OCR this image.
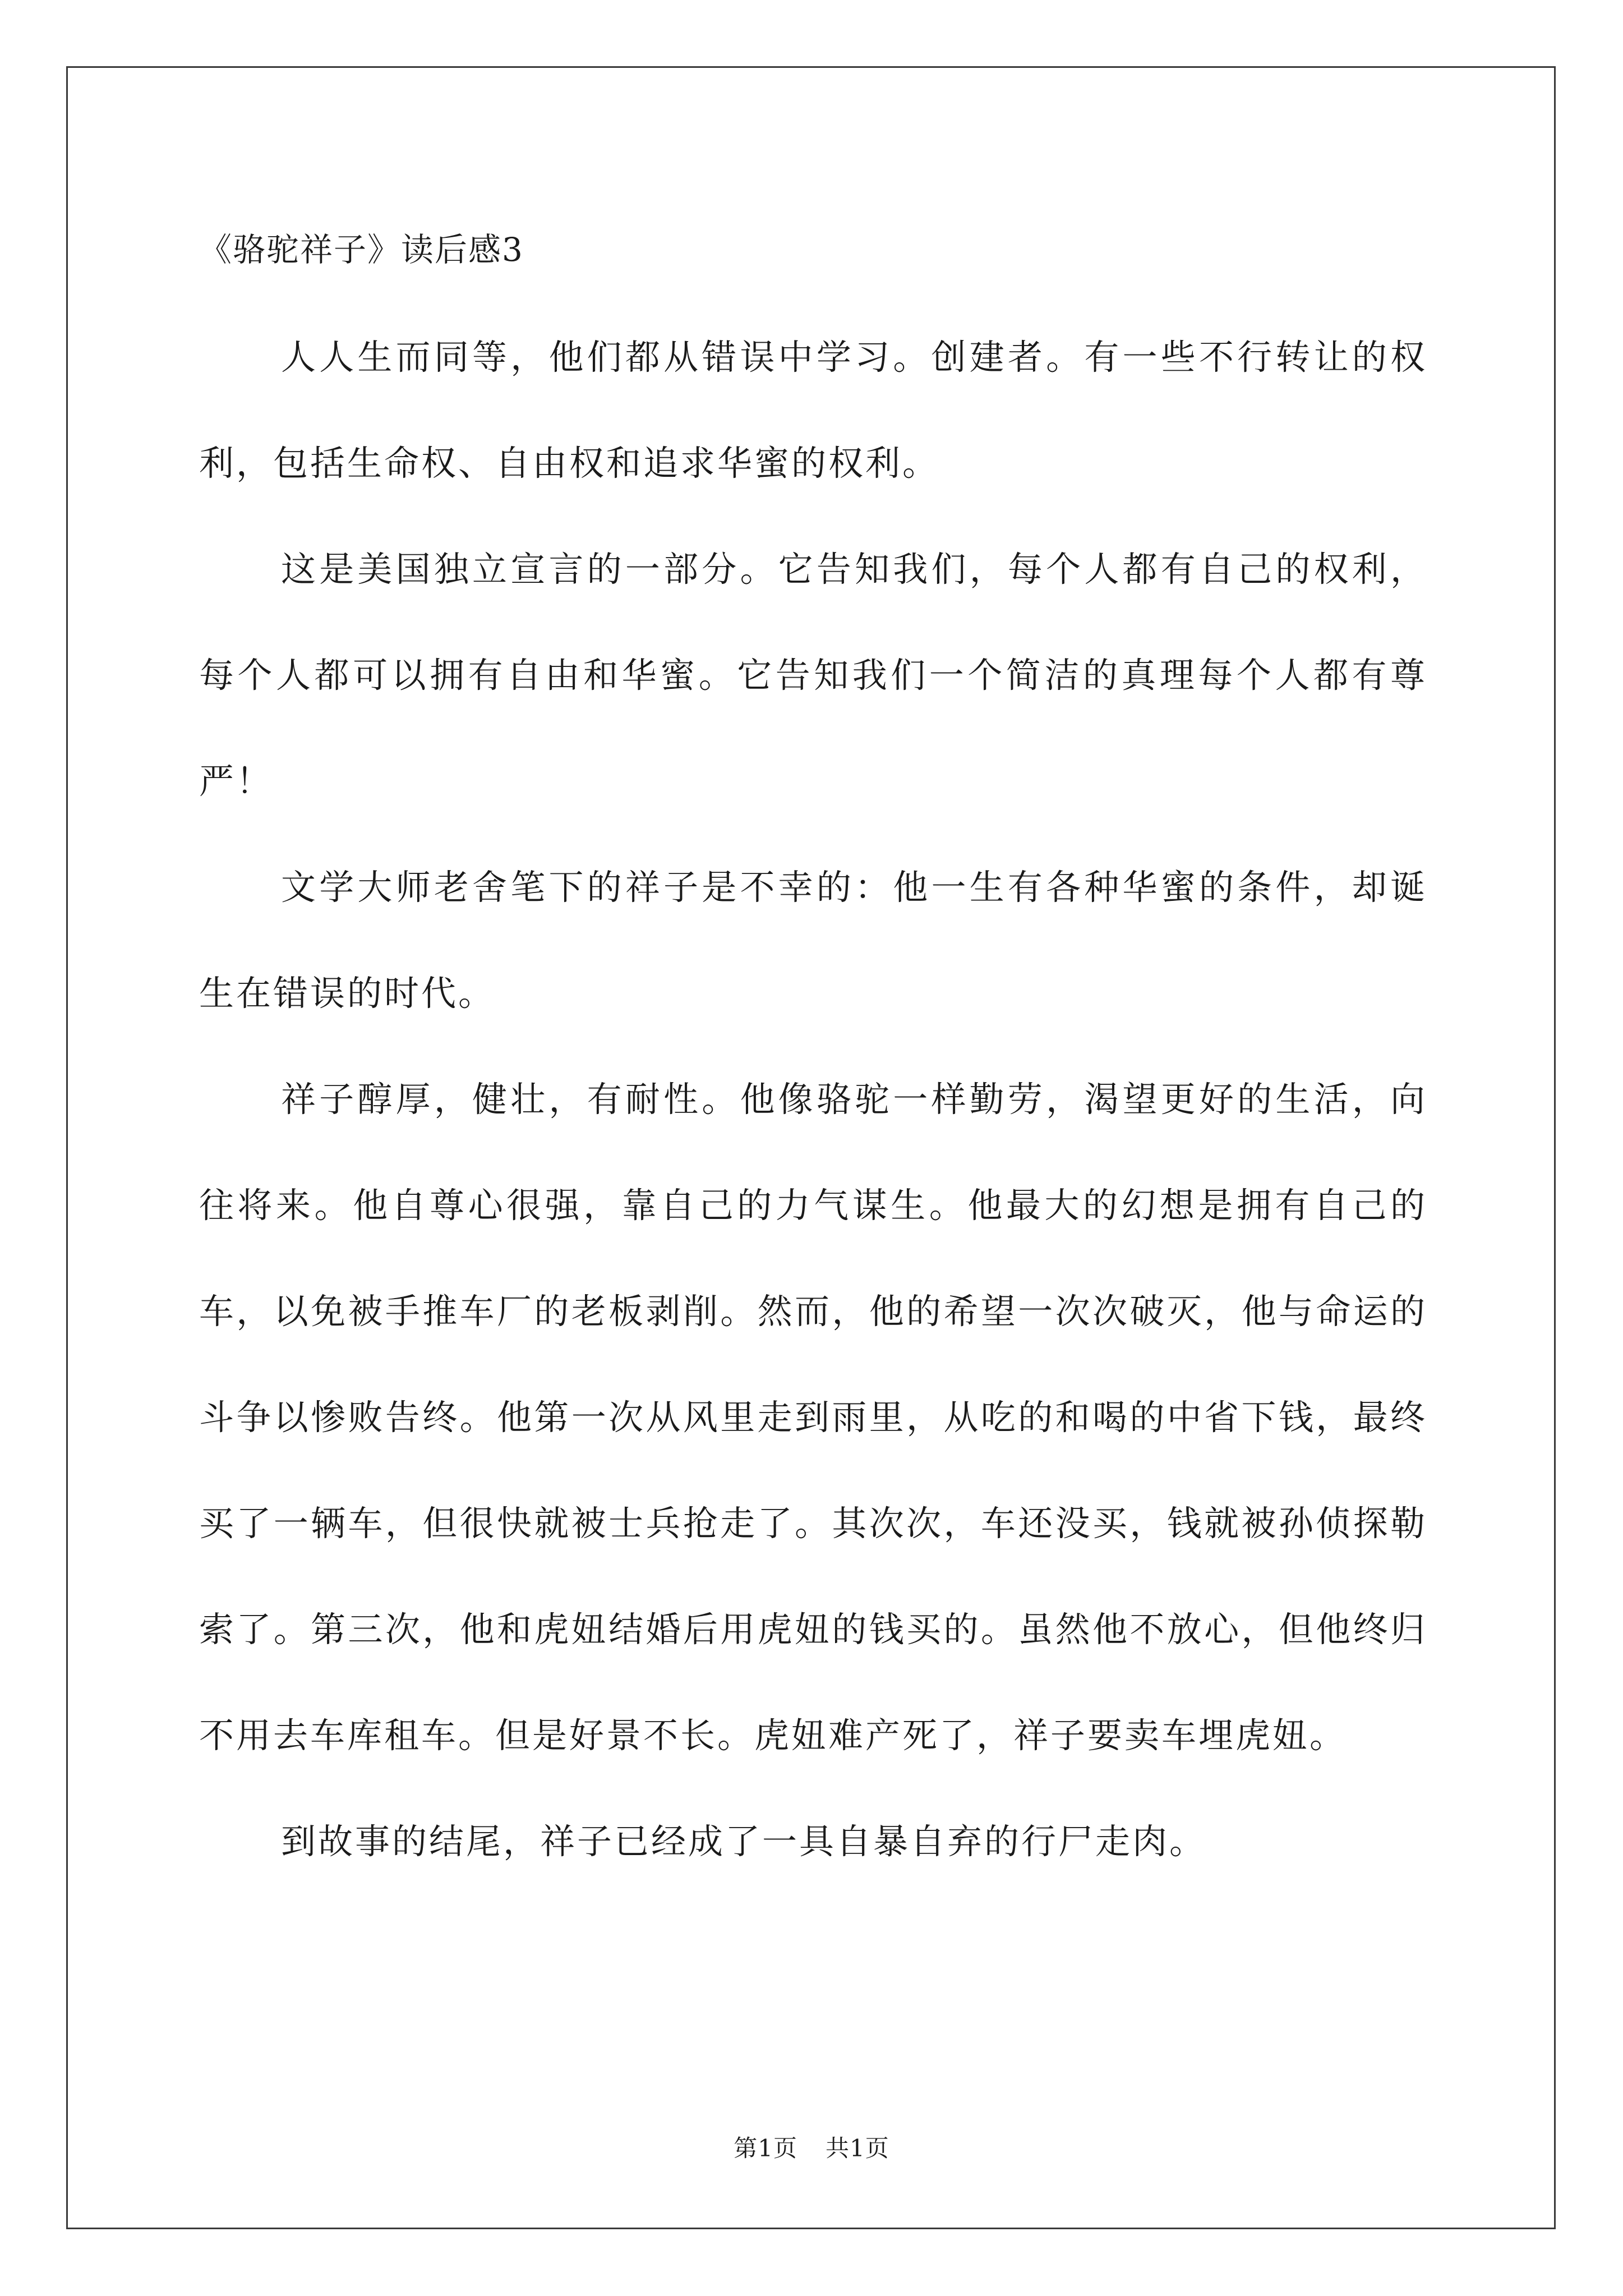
《骆驼祥子》读后感3

人人生而同等，他们都从错误中学习。创建者。有一些不行转让的权利，包括生命权、自由权和追求华蜜的权利。

这是美国独立宣言的一部分。它告知我们，每个人都有自己的权利，每个人都可以拥有自由和华蜜。它告知我们一个简洁的真理每个人都有尊严！

文学大师老舍笔下的祥子是不幸的：他一生有各种华蜜的条件，却诞生在错误的时代。

祥子醇厚，健壮，有耐性。他像骆驼一样勤劳，渴望更好的生活，向往将来。他自尊心很强，靠自己的力气谋生。他最大的幻想是拥有自己的车，以免被手推车厂的老板剥削。然而，他的希望一次次破灭，他与命运的斗争以惨败告终。他第一次从风里走到雨里，从吃的和喝的中省下钱，最终买了一辆车，但很快就被士兵抢走了。其次次，车还没买，钱就被孙侦探勒索了。第三次，他和虎妞结婚后用虎妞的钱买的。虽然他不放心，但他终归不用去车库租车。但是好景不长。虎妞难产死了，祥子要卖车埋虎妞。

到故事的结尾，祥子已经成了一具自暴自弃的行尸走肉。

第1页 共1页
